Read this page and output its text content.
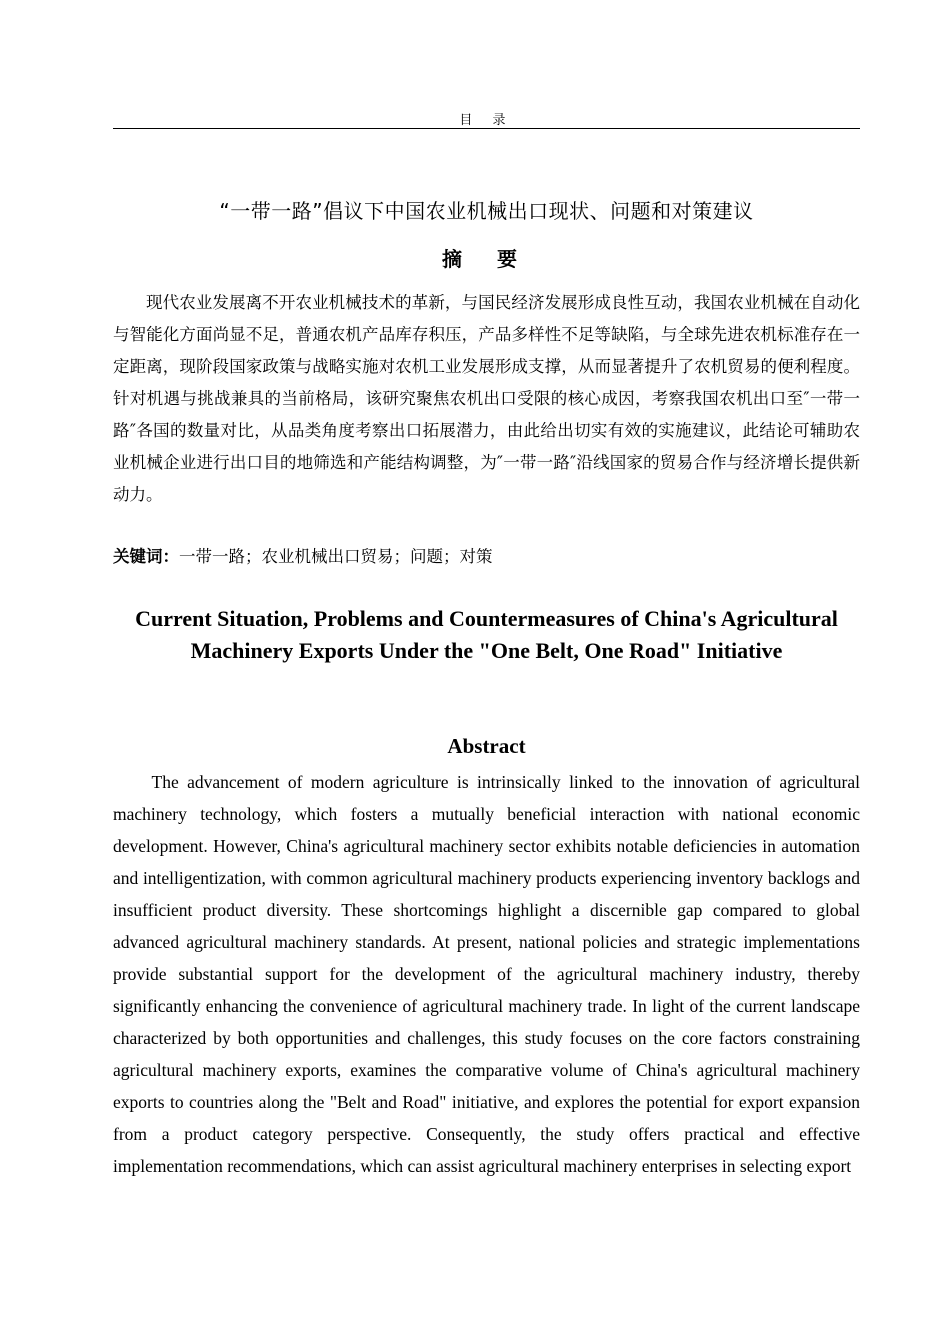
目 录
“一带一路”倡议下中国农业机械出口现状、问题和对策建议
摘 要

现代农业发展离不开农业机械技术的革新，与国民经济发展形成良性互动，我国农业机械在自动化与智能化方面尚显不足，普通农机产品库存积压，产品多样性不足等缺陷，与全球先进农机标准存在一定距离，现阶段国家政策与战略实施对农机工业发展形成支撑，从而显著提升了农机贸易的便利程度。针对机遇与挑战兼具的当前格局，该研究聚焦农机出口受限的核心成因，考察我国农机出口至″一带一路″各国的数量对比，从品类角度考察出口拓展潜力，由此给出切实有效的实施建议，此结论可辅助农业机械企业进行出口目的地筛选和产能结构调整，为″一带一路″沿线国家的贸易合作与经济增长提供新动力。

关键词：一带一路；农业机械出口贸易；问题；对策
Current Situation, Problems and Countermeasures of China's Agricultural Machinery Exports Under the "One Belt, One Road" Initiative
Abstract

The advancement of modern agriculture is intrinsically linked to the innovation of agricultural machinery technology, which fosters a mutually beneficial interaction with national economic development. However, China's agricultural machinery sector exhibits notable deficiencies in automation and intelligentization, with common agricultural machinery products experiencing inventory backlogs and insufficient product diversity. These shortcomings highlight a discernible gap compared to global advanced agricultural machinery standards. At present, national policies and strategic implementations provide substantial support for the development of the agricultural machinery industry, thereby significantly enhancing the convenience of agricultural machinery trade. In light of the current landscape characterized by both opportunities and challenges, this study focuses on the core factors constraining agricultural machinery exports, examines the comparative volume of China's agricultural machinery exports to countries along the "Belt and Road" initiative, and explores the potential for export expansion from a product category perspective. Consequently, the study offers practical and effective implementation recommendations, which can assist agricultural machinery enterprises in selecting export
